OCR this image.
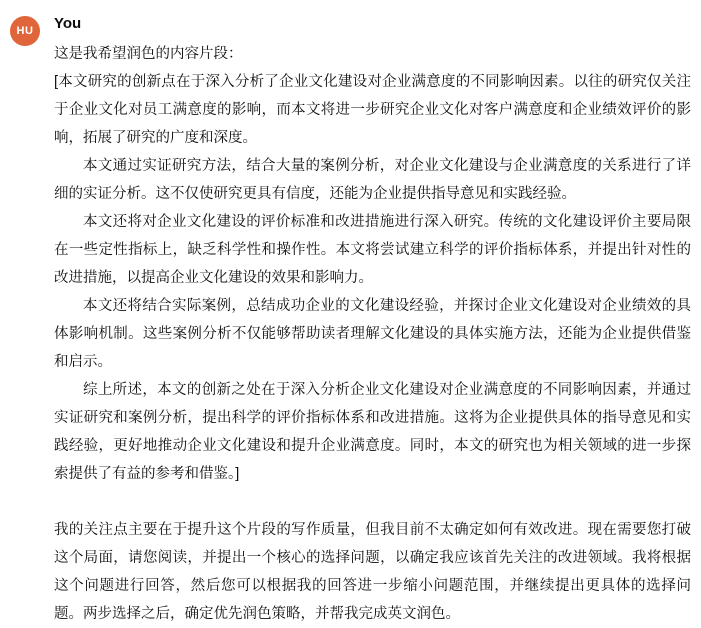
HU	You

这是我希望润色的内容片段：

[本文研究的创新点在于深入分析了企业文化建设对企业满意度的不同影响因素。以往的研究仅关注于企业文化对员工满意度的影响，而本文将进一步研究企业文化对客户满意度和企业绩效评价的影响，拓展了研究的广度和深度。

本文通过实证研究方法，结合大量的案例分析，对企业文化建设与企业满意度的关系进行了详细的实证分析。这不仅使研究更具有信度，还能为企业提供指导意见和实践经验。

本文还将对企业文化建设的评价标准和改进措施进行深入研究。传统的文化建设评价主要局限在一些定性指标上，缺乏科学性和操作性。本文将尝试建立科学的评价指标体系，并提出针对性的改进措施，以提高企业文化建设的效果和影响力。

本文还将结合实际案例，总结成功企业的文化建设经验，并探讨企业文化建设对企业绩效的具体影响机制。这些案例分析不仅能够帮助读者理解文化建设的具体实施方法，还能为企业提供借鉴和启示。

综上所述，本文的创新之处在于深入分析企业文化建设对企业满意度的不同影响因素，并通过实证研究和案例分析，提出科学的评价指标体系和改进措施。这将为企业提供具体的指导意见和实践经验，更好地推动企业文化建设和提升企业满意度。同时，本文的研究也为相关领域的进一步探索提供了有益的参考和借鉴。]

我的关注点主要在于提升这个片段的写作质量，但我目前不太确定如何有效改进。现在需要您打破这个局面，请您阅读，并提出一个核心的选择问题，以确定我应该首先关注的改进领域。我将根据这个问题进行回答，然后您可以根据我的回答进一步缩小问题范围，并继续提出更具体的选择问题。两步选择之后，确定优先润色策略，并帮我完成英文润色。
